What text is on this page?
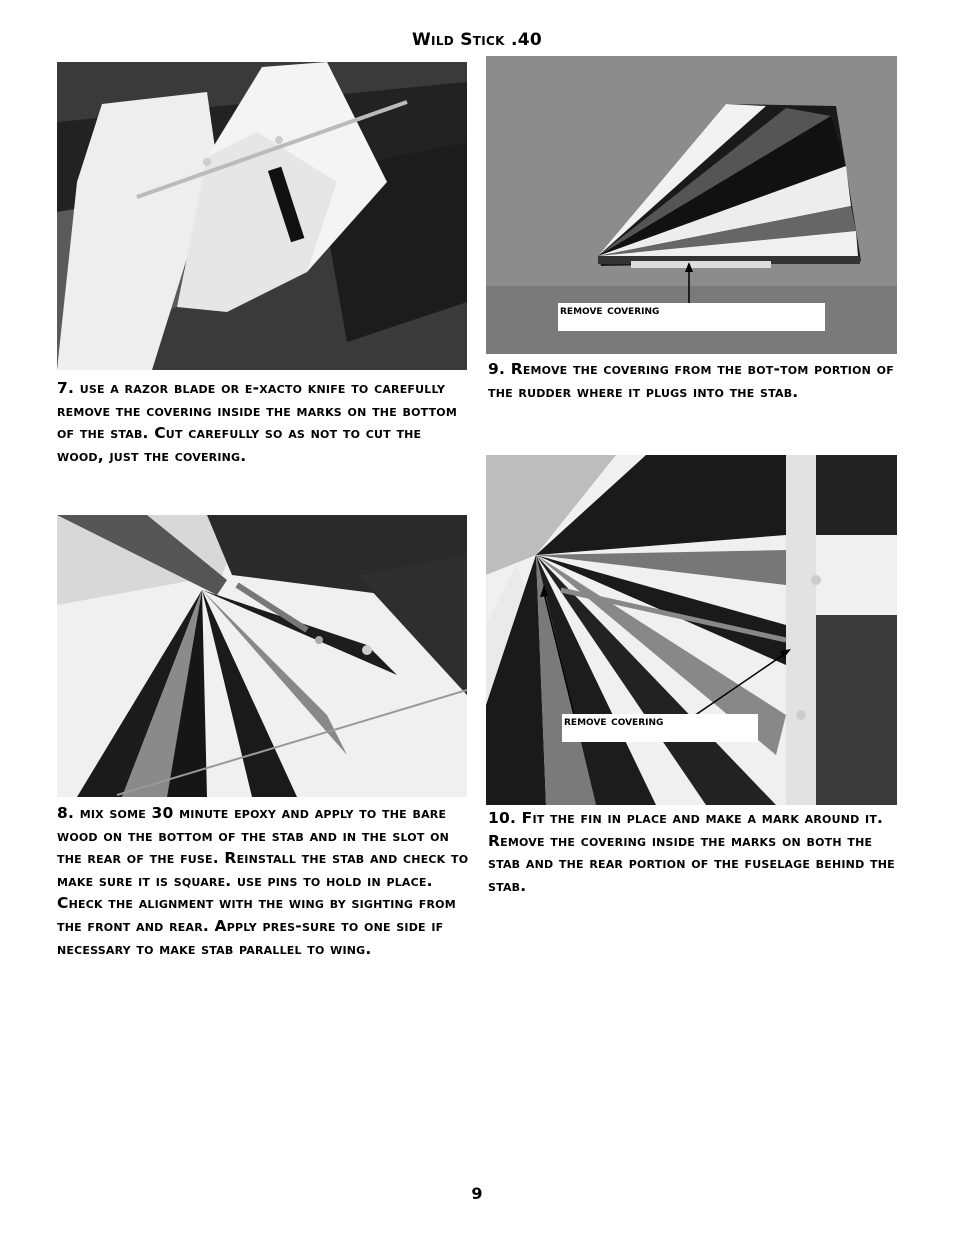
Wild Stick .40
7. use a razor blade or e-xacto knife to carefully remove the covering inside the marks on the bottom of the stab. Cut carefully so as not to cut the wood, just the covering.
remove covering
9. Remove the covering from the bot-tom portion of the rudder where it plugs into the stab.
8. mix some 30 minute epoxy and apply to the bare wood on the bottom of the stab and in the slot on the rear of the fuse. Reinstall the stab and check to make sure it is square. use pins to hold in place. Check the alignment with the wing by sighting from the front and rear. Apply pres-sure to one side if necessary to make stab parallel to wing.
remove covering
10. Fit the fin in place and make a mark around it. Remove the covering inside the marks on both the stab and the rear portion of the fuselage behind the stab.
9
